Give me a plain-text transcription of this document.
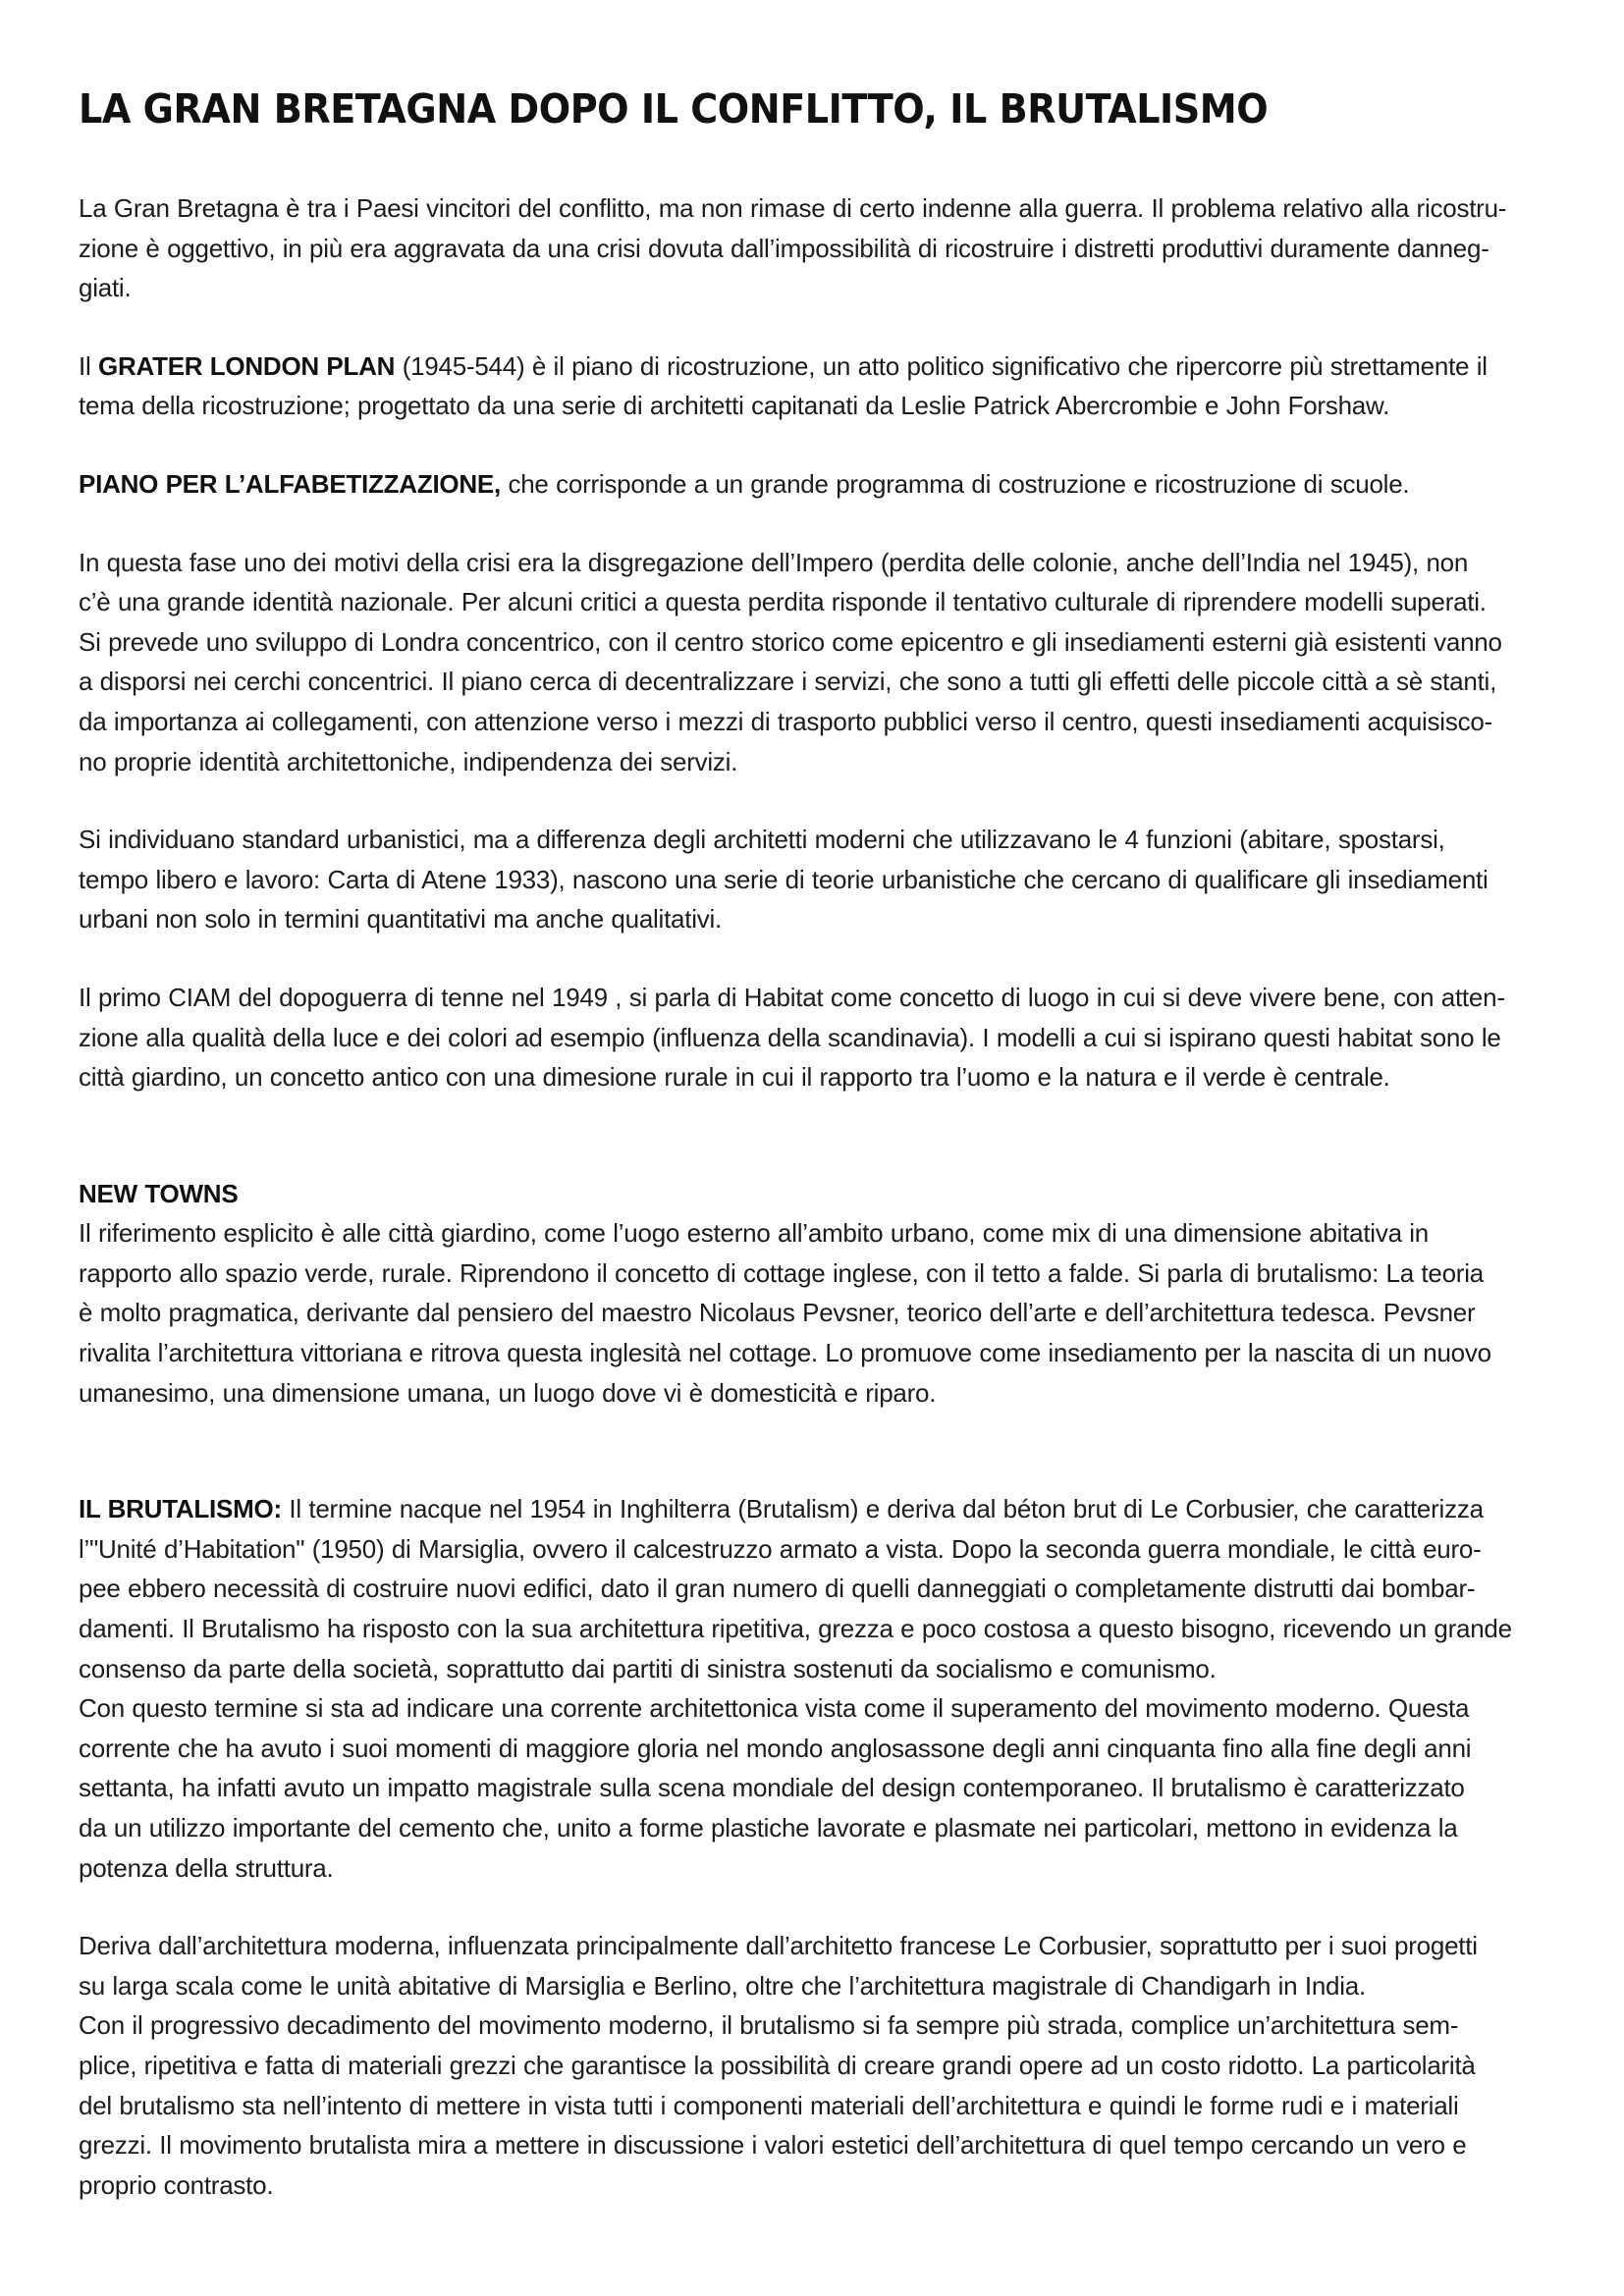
LA GRAN BRETAGNA DOPO IL CONFLITTO, IL BRUTALISMO

La Gran Bretagna è tra i Paesi vincitori del conflitto, ma non rimase di certo indenne alla guerra. Il problema relativo alla ricostru-
zione è oggettivo, in più era aggravata da una crisi dovuta dall’impossibilità di ricostruire i distretti produttivi duramente danneg-
giati.

Il GRATER LONDON PLAN (1945-544) è il piano di ricostruzione, un atto politico significativo che ripercorre più strettamente il
tema della ricostruzione; progettato da una serie di architetti capitanati da Leslie Patrick Abercrombie e John Forshaw.

PIANO PER L’ALFABETIZZAZIONE, che corrisponde a un grande programma di costruzione e ricostruzione di scuole.

In questa fase uno dei motivi della crisi era la disgregazione dell’Impero (perdita delle colonie, anche dell’India nel 1945), non
c’è una grande identità nazionale. Per alcuni critici a questa perdita risponde il tentativo culturale di riprendere modelli superati.
Si prevede uno sviluppo di Londra concentrico, con il centro storico come epicentro e gli insediamenti esterni già esistenti vanno
a disporsi nei cerchi concentrici. Il piano cerca di decentralizzare i servizi, che sono a tutti gli effetti delle piccole città a sè stanti,
da importanza ai collegamenti, con attenzione verso i mezzi di trasporto pubblici verso il centro, questi insediamenti acquisisco-
no proprie identità architettoniche, indipendenza dei servizi.

Si individuano standard urbanistici, ma a differenza degli architetti moderni che utilizzavano le 4 funzioni (abitare, spostarsi,
tempo libero e lavoro: Carta di Atene 1933), nascono una serie di teorie urbanistiche che cercano di qualificare gli insediamenti
urbani non solo in termini quantitativi ma anche qualitativi.

Il primo CIAM del dopoguerra di tenne nel 1949 , si parla di Habitat come concetto di luogo in cui si deve vivere bene, con atten-
zione alla qualità della luce e dei colori ad esempio (influenza della scandinavia). I modelli a cui si ispirano questi habitat sono le
città giardino, un concetto antico con una dimesione rurale in cui il rapporto tra l’uomo e la natura e il verde è centrale.

NEW TOWNS
Il riferimento esplicito è alle città giardino, come l’uogo esterno all’ambito urbano, come mix di una dimensione abitativa in
rapporto allo spazio verde, rurale. Riprendono il concetto di cottage inglese, con il tetto a falde. Si parla di brutalismo: La teoria
è molto pragmatica, derivante dal pensiero del maestro Nicolaus Pevsner, teorico dell’arte e dell’architettura tedesca. Pevsner
rivalita l’architettura vittoriana e ritrova questa inglesità nel cottage. Lo promuove come insediamento per la nascita di un nuovo
umanesimo, una dimensione umana, un luogo dove vi è domesticità e riparo.

IL BRUTALISMO: Il termine nacque nel 1954 in Inghilterra (Brutalism) e deriva dal béton brut di Le Corbusier, che caratterizza
l’"Unité d’Habitation" (1950) di Marsiglia, ovvero il calcestruzzo armato a vista. Dopo la seconda guerra mondiale, le città euro-
pee ebbero necessità di costruire nuovi edifici, dato il gran numero di quelli danneggiati o completamente distrutti dai bombar-
damenti. Il Brutalismo ha risposto con la sua architettura ripetitiva, grezza e poco costosa a questo bisogno, ricevendo un grande
consenso da parte della società, soprattutto dai partiti di sinistra sostenuti da socialismo e comunismo.
Con questo termine si sta ad indicare una corrente architettonica vista come il superamento del movimento moderno. Questa
corrente che ha avuto i suoi momenti di maggiore gloria nel mondo anglosassone degli anni cinquanta fino alla fine degli anni
settanta, ha infatti avuto un impatto magistrale sulla scena mondiale del design contemporaneo. Il brutalismo è caratterizzato
da un utilizzo importante del cemento che, unito a forme plastiche lavorate e plasmate nei particolari, mettono in evidenza la
potenza della struttura.

Deriva dall’architettura moderna, influenzata principalmente dall’architetto francese Le Corbusier, soprattutto per i suoi progetti
su larga scala come le unità abitative di Marsiglia e Berlino, oltre che l’architettura magistrale di Chandigarh in India.
Con il progressivo decadimento del movimento moderno, il brutalismo si fa sempre più strada, complice un’architettura sem-
plice, ripetitiva e fatta di materiali grezzi che garantisce la possibilità di creare grandi opere ad un costo ridotto. La particolarità
del brutalismo sta nell’intento di mettere in vista tutti i componenti materiali dell’architettura e quindi le forme rudi e i materiali
grezzi. Il movimento brutalista mira a mettere in discussione i valori estetici dell’architettura di quel tempo cercando un vero e
proprio contrasto.
